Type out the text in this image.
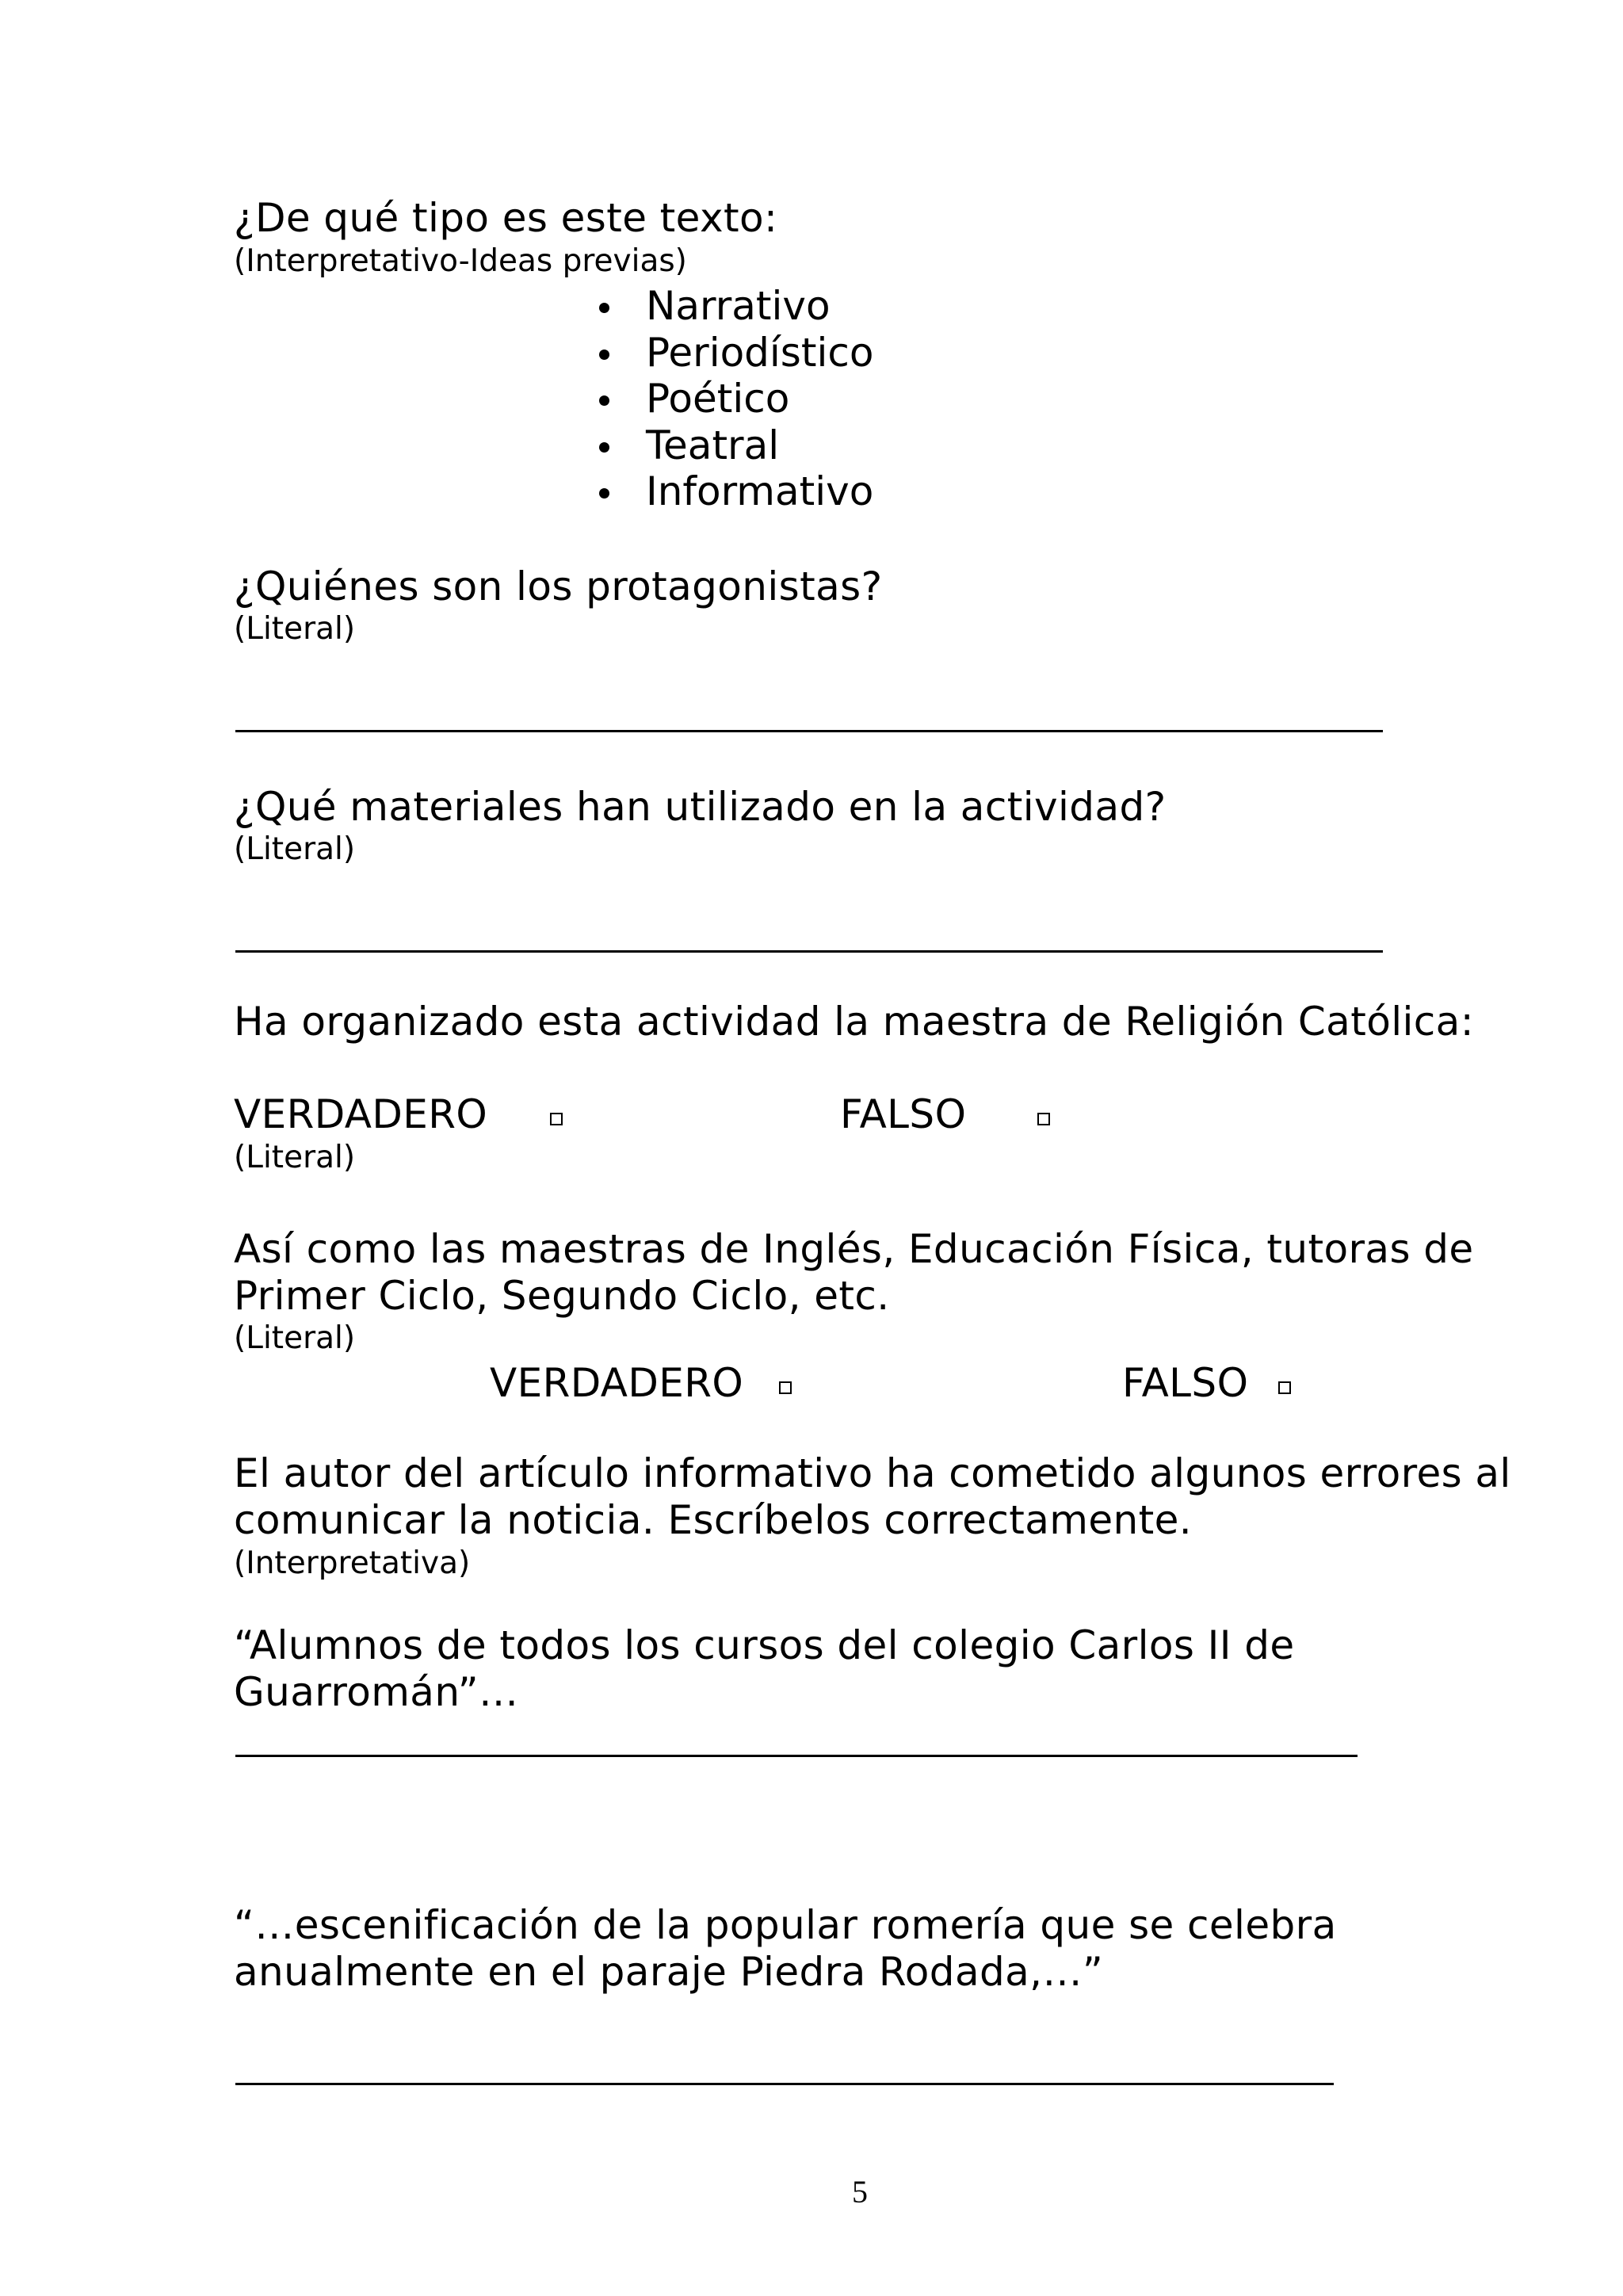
¿De qué tipo es este texto:
(Interpretativo-Ideas previas)
Narrativo
Periodístico
Poético
Teatral
Informativo
¿Quiénes son los protagonistas?
(Literal)
¿Qué materiales han utilizado en la actividad?
(Literal)
Ha organizado esta actividad la maestra de Religión Católica:
VERDADERO	FALSO
(Literal)
Así como las maestras de Inglés, Educación Física, tutoras de
Primer Ciclo, Segundo Ciclo, etc.
(Literal)
VERDADERO	FALSO
El autor del artículo informativo ha cometido algunos errores al
comunicar la noticia. Escríbelos correctamente.
(Interpretativa)
“Alumnos de todos los cursos del colegio Carlos II de
Guarromán”…
“…escenificación de la popular romería que se celebra
anualmente en el paraje Piedra Rodada,…”
5
